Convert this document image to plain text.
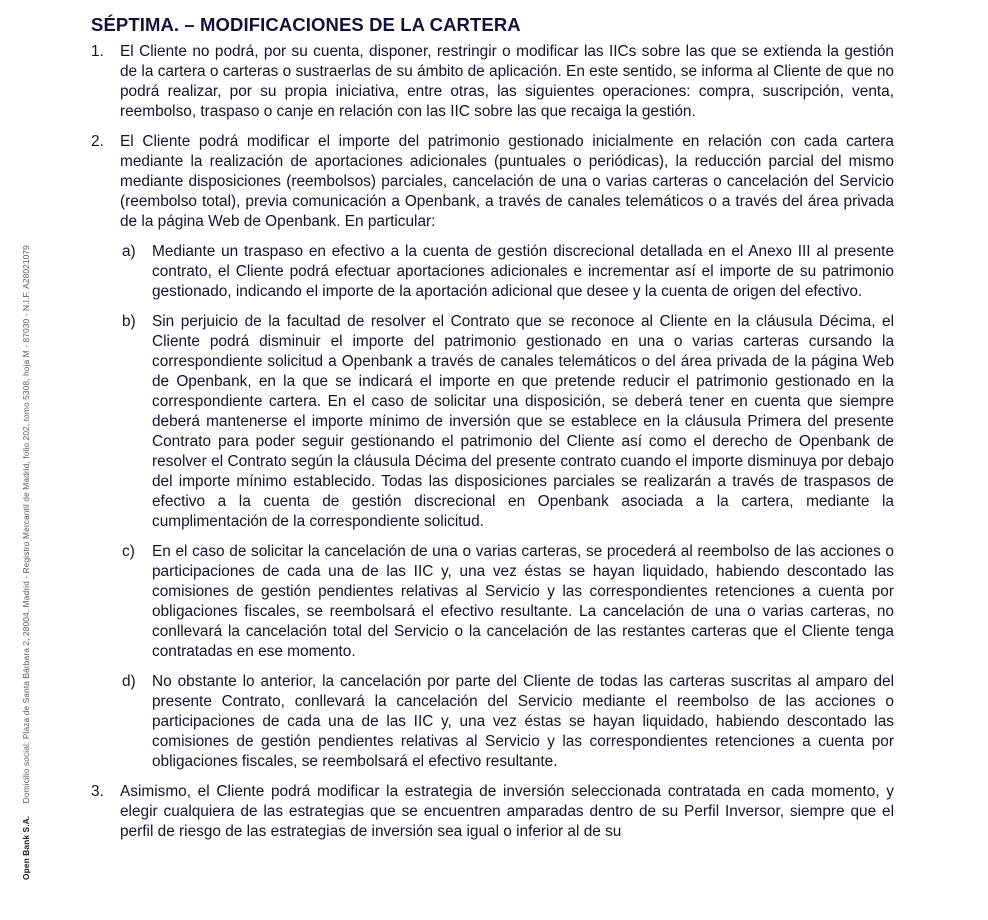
Open Bank S.A. Domicilio social: Plaza de Santa Bárbara 2, 28004, Madrid - Registro Mercantil de Madrid, folio 202, tomo 5308, hoja M - 87030 - N.I.F. A28021079
SÉPTIMA. – MODIFICACIONES DE LA CARTERA
1. El Cliente no podrá, por su cuenta, disponer, restringir o modificar las IICs sobre las que se extienda la gestión de la cartera o carteras o sustraerlas de su ámbito de aplicación. En este sentido, se informa al Cliente de que no podrá realizar, por su propia iniciativa, entre otras, las siguientes operaciones: compra, suscripción, venta, reembolso, traspaso o canje en relación con las IIC sobre las que recaiga la gestión.
2. El Cliente podrá modificar el importe del patrimonio gestionado inicialmente en relación con cada cartera mediante la realización de aportaciones adicionales (puntuales o periódicas), la reducción parcial del mismo mediante disposiciones (reembolsos) parciales, cancelación de una o varias carteras o cancelación del Servicio (reembolso total), previa comunicación a Openbank, a través de canales telemáticos o a través del área privada de la página Web de Openbank. En particular:
a) Mediante un traspaso en efectivo a la cuenta de gestión discrecional detallada en el Anexo III al presente contrato, el Cliente podrá efectuar aportaciones adicionales e incrementar así el importe de su patrimonio gestionado, indicando el importe de la aportación adicional que desee y la cuenta de origen del efectivo.
b) Sin perjuicio de la facultad de resolver el Contrato que se reconoce al Cliente en la cláusula Décima, el Cliente podrá disminuir el importe del patrimonio gestionado en una o varias carteras cursando la correspondiente solicitud a Openbank a través de canales telemáticos o del área privada de la página Web de Openbank, en la que se indicará el importe en que pretende reducir el patrimonio gestionado en la correspondiente cartera. En el caso de solicitar una disposición, se deberá tener en cuenta que siempre deberá mantenerse el importe mínimo de inversión que se establece en la cláusula Primera del presente Contrato para poder seguir gestionando el patrimonio del Cliente así como el derecho de Openbank de resolver el Contrato según la cláusula Décima del presente contrato cuando el importe disminuya por debajo del importe mínimo establecido. Todas las disposiciones parciales se realizarán a través de traspasos de efectivo a la cuenta de gestión discrecional en Openbank asociada a la cartera, mediante la cumplimentación de la correspondiente solicitud.
c) En el caso de solicitar la cancelación de una o varias carteras, se procederá al reembolso de las acciones o participaciones de cada una de las IIC y, una vez éstas se hayan liquidado, habiendo descontado las comisiones de gestión pendientes relativas al Servicio y las correspondientes retenciones a cuenta por obligaciones fiscales, se reembolsará el efectivo resultante. La cancelación de una o varias carteras, no conllevará la cancelación total del Servicio o la cancelación de las restantes carteras que el Cliente tenga contratadas en ese momento.
d) No obstante lo anterior, la cancelación por parte del Cliente de todas las carteras suscritas al amparo del presente Contrato, conllevará la cancelación del Servicio mediante el reembolso de las acciones o participaciones de cada una de las IIC y, una vez éstas se hayan liquidado, habiendo descontado las comisiones de gestión pendientes relativas al Servicio y las correspondientes retenciones a cuenta por obligaciones fiscales, se reembolsará el efectivo resultante.
3. Asimismo, el Cliente podrá modificar la estrategia de inversión seleccionada contratada en cada momento, y elegir cualquiera de las estrategias que se encuentren amparadas dentro de su Perfil Inversor, siempre que el perfil de riesgo de las estrategias de inversión sea igual o inferior al de su
